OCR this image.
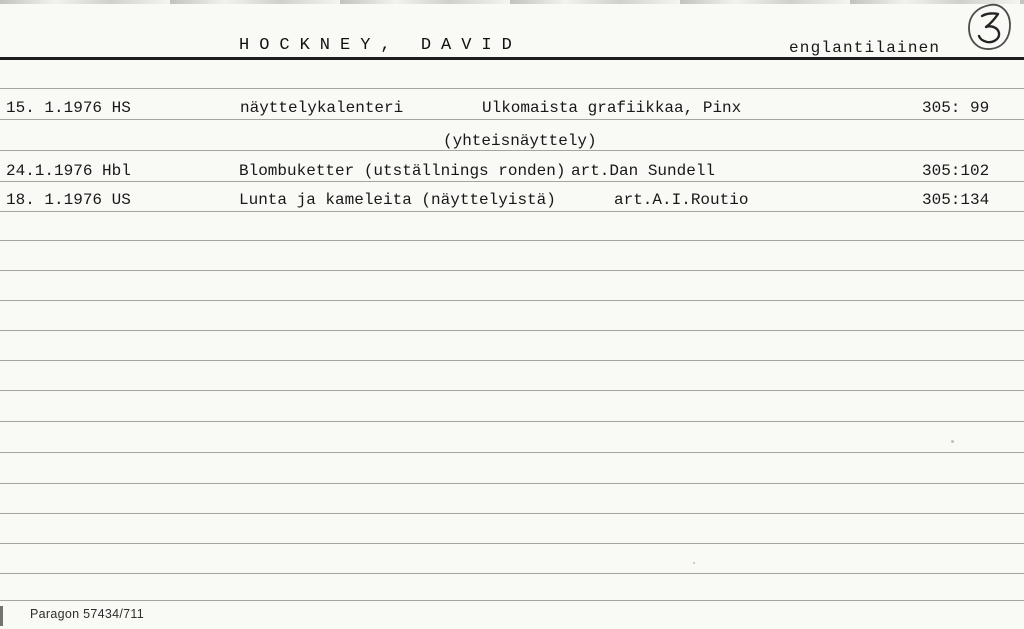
HOCKNEY, DAVID	englantilainen
15. 1.1976 HS	näyttelykalenteri	Ulkomaista grafiikkaa, Pinx	305: 99
(yhteisnäyttely)
24.1.1976 Hbl	Blombuketter (utställnings ronden) art.Dan Sundell	305:102
18. 1.1976 US	Lunta ja kameleita (näyttelyistä)	art.A.I.Routio	305:134
Paragon 57434/711
